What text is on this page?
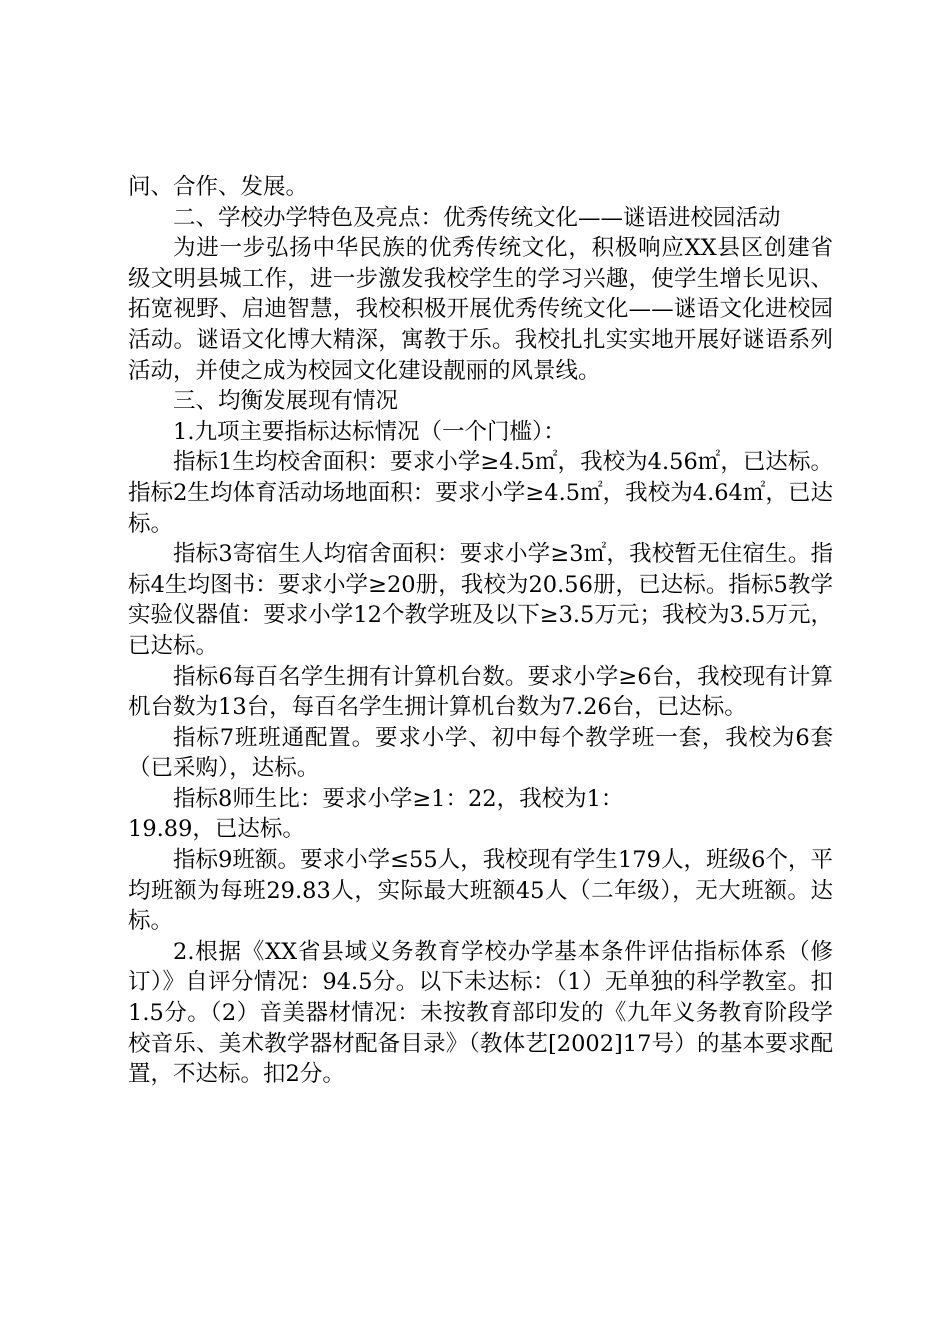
问、合作、发展。

二、学校办学特色及亮点：优秀传统文化——谜语进校园活动

为进一步弘扬中华民族的优秀传统文化，积极响应XX县区创建省级文明县城工作，进一步激发我校学生的学习兴趣，使学生增长见识、拓宽视野、启迪智慧，我校积极开展优秀传统文化——谜语文化进校园活动。谜语文化博大精深，寓教于乐。我校扎扎实实地开展好谜语系列活动，并使之成为校园文化建设靓丽的风景线。

三、均衡发展现有情况

1.九项主要指标达标情况（一个门槛）：

指标1生均校舍面积：要求小学≥4.5㎡，我校为4.56㎡，已达标。指标2生均体育活动场地面积：要求小学≥4.5㎡，我校为4.64㎡，已达标。

指标3寄宿生人均宿舍面积：要求小学≥3㎡，我校暂无住宿生。指标4生均图书：要求小学≥20册，我校为20.56册，已达标。指标5教学实验仪器值：要求小学12个教学班及以下≥3.5万元；我校为3.5万元，已达标。

指标6每百名学生拥有计算机台数。要求小学≥6台，我校现有计算机台数为13台，每百名学生拥计算机台数为7.26台，已达标。

指标7班班通配置。要求小学、初中每个教学班一套，我校为6套（已采购），达标。

指标8师生比：要求小学≥1：22，我校为1：

19.89，已达标。

指标9班额。要求小学≤55人，我校现有学生179人，班级6个，平均班额为每班29.83人，实际最大班额45人（二年级），无大班额。达标。

2.根据《XX省县域义务教育学校办学基本条件评估指标体系（修订）》自评分情况：94.5分。以下未达标：（1）无单独的科学教室。扣1.5分。（2）音美器材情况：未按教育部印发的《九年义务教育阶段学校音乐、美术教学器材配备目录》（教体艺[2002]17号）的基本要求配置，不达标。扣2分。
